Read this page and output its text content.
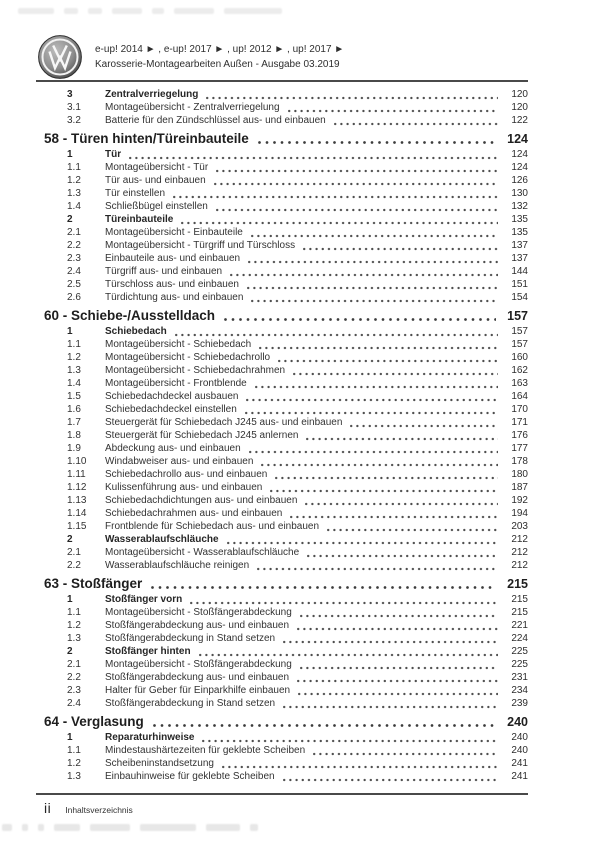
e-up! 2014 ► , e-up! 2017 ► , up! 2012 ► , up! 2017 ►
Karosserie-Montagearbeiten Außen - Ausgabe 03.2019
3	Zentralverriegelung	120
3.1	Montageübersicht - Zentralverriegelung	120
3.2	Batterie für den Zündschlüssel aus- und einbauen	122
58 - Türen hinten/Türeinbauteile	124
1	Tür	124
1.1	Montageübersicht - Tür	124
1.2	Tür aus- und einbauen	126
1.3	Tür einstellen	130
1.4	Schließbügel einstellen	132
2	Türeinbauteile	135
2.1	Montageübersicht - Einbauteile	135
2.2	Montageübersicht - Türgriff und Türschloss	137
2.3	Einbauteile aus- und einbauen	137
2.4	Türgriff aus- und einbauen	144
2.5	Türschloss aus- und einbauen	151
2.6	Türdichtung aus- und einbauen	154
60 - Schiebe-/Ausstelldach	157
1	Schiebedach	157
1.1	Montageübersicht - Schiebedach	157
1.2	Montageübersicht - Schiebedachrollo	160
1.3	Montageübersicht - Schiebedachrahmen	162
1.4	Montageübersicht - Frontblende	163
1.5	Schiebedachdeckel ausbauen	164
1.6	Schiebedachdeckel einstellen	170
1.7	Steuergerät für Schiebedach J245 aus- und einbauen	171
1.8	Steuergerät für Schiebedach J245 anlernen	176
1.9	Abdeckung aus- und einbauen	177
1.10	Windabweiser aus- und einbauen	178
1.11	Schiebedachrollo aus- und einbauen	180
1.12	Kulissenführung aus- und einbauen	187
1.13	Schiebedachdichtungen aus- und einbauen	192
1.14	Schiebedachrahmen aus- und einbauen	194
1.15	Frontblende für Schiebedach aus- und einbauen	203
2	Wasserablaufschläuche	212
2.1	Montageübersicht - Wasserablaufschläuche	212
2.2	Wasserablaufschläuche reinigen	212
63 - Stoßfänger	215
1	Stoßfänger vorn	215
1.1	Montageübersicht - Stoßfängerabdeckung	215
1.2	Stoßfängerabdeckung aus- und einbauen	221
1.3	Stoßfängerabdeckung in Stand setzen	224
2	Stoßfänger hinten	225
2.1	Montageübersicht - Stoßfängerabdeckung	225
2.2	Stoßfängerabdeckung aus- und einbauen	231
2.3	Halter für Geber für Einparkhilfe einbauen	234
2.4	Stoßfängerabdeckung in Stand setzen	239
64 - Verglasung	240
1	Reparaturhinweise	240
1.1	Mindestaushärtezeiten für geklebte Scheiben	240
1.2	Scheibeninstandsetzung	241
1.3	Einbauhinweise für geklebte Scheiben	241
ii Inhaltsverzeichnis
